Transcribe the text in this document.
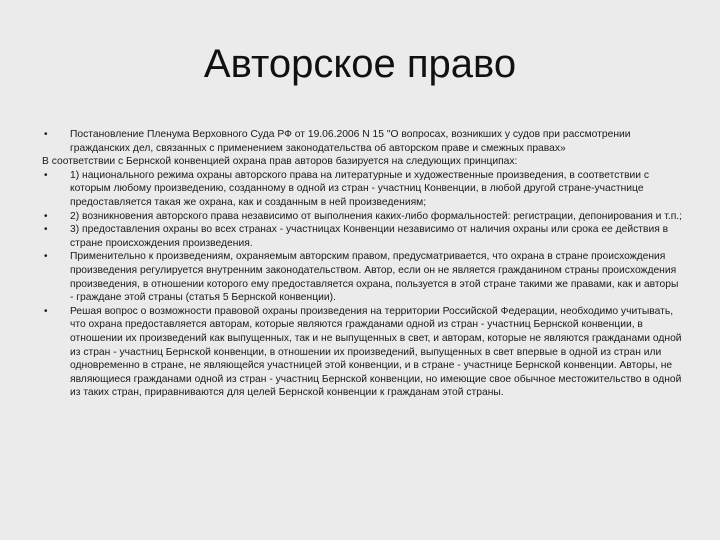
Авторское право
• Постановление Пленума Верховного Суда РФ от 19.06.2006 N 15 "О вопросах, возникших у судов при рассмотрении гражданских дел, связанных с применением законодательства об авторском праве и смежных правах»
В соответствии с Бернской конвенцией охрана прав авторов базируется на следующих принципах:
• 1) национального режима охраны авторского права на литературные и художественные произведения, в соответствии с которым любому произведению, созданному в одной из стран - участниц Конвенции, в любой другой стране-участнице предоставляется такая же охрана, как и созданным в ней произведениям;
• 2) возникновения авторского права независимо от выполнения каких-либо формальностей: регистрации, депонирования и т.п.;
• 3) предоставления охраны во всех странах - участницах Конвенции независимо от наличия охраны или срока ее действия в стране происхождения произведения.
• Применительно к произведениям, охраняемым авторским правом, предусматривается, что охрана в стране происхождения произведения регулируется внутренним законодательством. Автор, если он не является гражданином страны происхождения произведения, в отношении которого ему предоставляется охрана, пользуется в этой стране такими же правами, как и авторы - граждане этой страны (статья 5 Бернской конвенции).
• Решая вопрос о возможности правовой охраны произведения на территории Российской Федерации, необходимо учитывать, что охрана предоставляется авторам, которые являются гражданами одной из стран - участниц Бернской конвенции, в отношении их произведений как выпущенных, так и не выпущенных в свет, и авторам, которые не являются гражданами одной из стран - участниц Бернской конвенции, в отношении их произведений, выпущенных в свет впервые в одной из стран или одновременно в стране, не являющейся участницей этой конвенции, и в стране - участнице Бернской конвенции. Авторы, не являющиеся гражданами одной из стран - участниц Бернской конвенции, но имеющие свое обычное местожительство в одной из таких стран, приравниваются для целей Бернской конвенции к гражданам этой страны.
